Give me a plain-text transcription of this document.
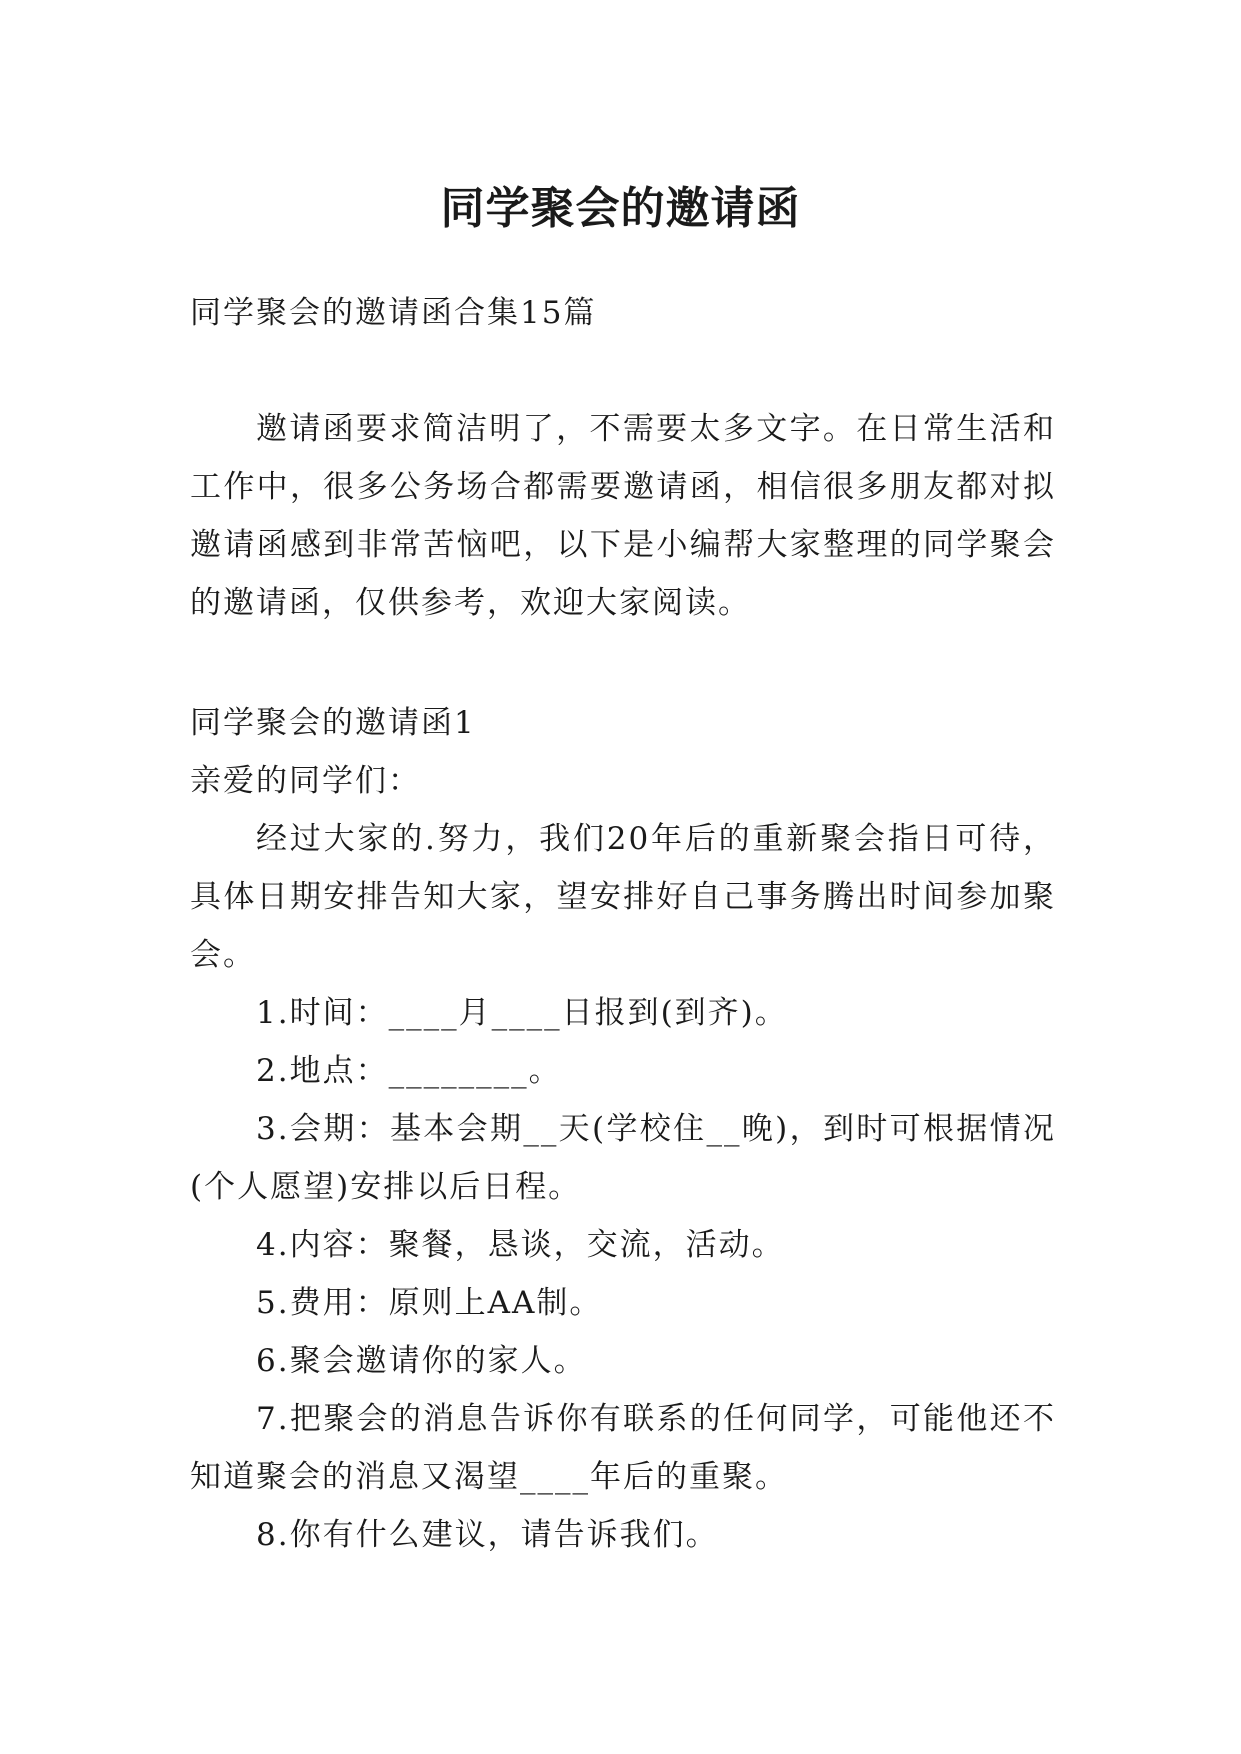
同学聚会的邀请函

同学聚会的邀请函合集15篇

邀请函要求简洁明了，不需要太多文字。在日常生活和工作中，很多公务场合都需要邀请函，相信很多朋友都对拟邀请函感到非常苦恼吧，以下是小编帮大家整理的同学聚会的邀请函，仅供参考，欢迎大家阅读。

同学聚会的邀请函1

亲爱的同学们：

经过大家的.努力，我们20年后的重新聚会指日可待，具体日期安排告知大家，望安排好自己事务腾出时间参加聚会。

1.时间：____月____日报到(到齐)。

2.地点：________。

3.会期：基本会期__天(学校住__晚)，到时可根据情况(个人愿望)安排以后日程。

4.内容：聚餐，恳谈，交流，活动。

5.费用：原则上AA制。

6.聚会邀请你的家人。

7.把聚会的消息告诉你有联系的任何同学，可能他还不知道聚会的消息又渴望____年后的重聚。

8.你有什么建议，请告诉我们。
